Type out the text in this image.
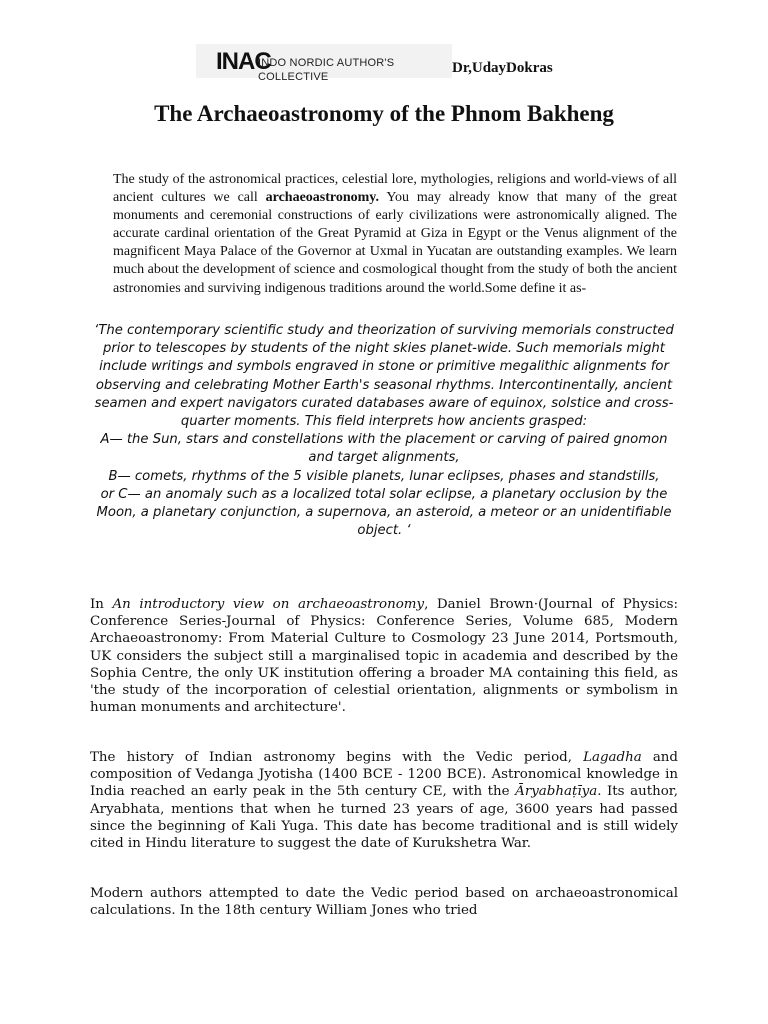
INAC
INDO NORDIC AUTHOR'S COLLECTIVE
Dr,UdayDokras
The Archaeoastronomy of the Phnom Bakheng

The study of the astronomical practices, celestial lore, mythologies, religions and world-views of all ancient cultures we call archaeoastronomy. You may already know that many of the great monuments and ceremonial constructions of early civilizations were astronomically aligned. The accurate cardinal orientation of the Great Pyramid at Giza in Egypt or the Venus alignment of the magnificent Maya Palace of the Governor at Uxmal in Yucatan are outstanding examples. We learn much about the development of science and cosmological thought from the study of both the ancient astronomies and surviving indigenous traditions around the world.Some define it as-

‘The contemporary scientific study and theorization of surviving memorials constructed prior to telescopes by students of the night skies planet-wide. Such memorials might include writings and symbols engraved in stone or primitive megalithic alignments for observing and celebrating Mother Earth's seasonal rhythms. Intercontinentally, ancient seamen and expert navigators curated databases aware of equinox, solstice and cross-quarter moments. This field interprets how ancients grasped:
A— the Sun, stars and constellations with the placement or carving of paired gnomon and target alignments,
B— comets, rhythms of the 5 visible planets, lunar eclipses, phases and standstills,
or C— an anomaly such as a localized total solar eclipse, a planetary occlusion by the Moon, a planetary conjunction, a supernova, an asteroid, a meteor or an unidentifiable object. ‘

In An introductory view on archaeoastronomy, Daniel Brown·(Journal of Physics: Conference Series-Journal of Physics: Conference Series, Volume 685, Modern Archaeoastronomy: From Material Culture to Cosmology 23 June 2014, Portsmouth, UK considers the subject still a marginalised topic in academia and described by the Sophia Centre, the only UK institution offering a broader MA containing this field, as 'the study of the incorporation of celestial orientation, alignments or symbolism in human monuments and architecture'.

The history of Indian astronomy begins with the Vedic period, Lagadha and composition of Vedanga Jyotisha (1400 BCE - 1200 BCE). Astronomical knowledge in India reached an early peak in the 5th century CE, with the Āryabhaṭīya. Its author, Aryabhata, mentions that when he turned 23 years of age, 3600 years had passed since the beginning of Kali Yuga. This date has become traditional and is still widely cited in Hindu literature to suggest the date of Kurukshetra War.

Modern authors attempted to date the Vedic period based on archaeoastronomical calculations. In the 18th century William Jones who tried
